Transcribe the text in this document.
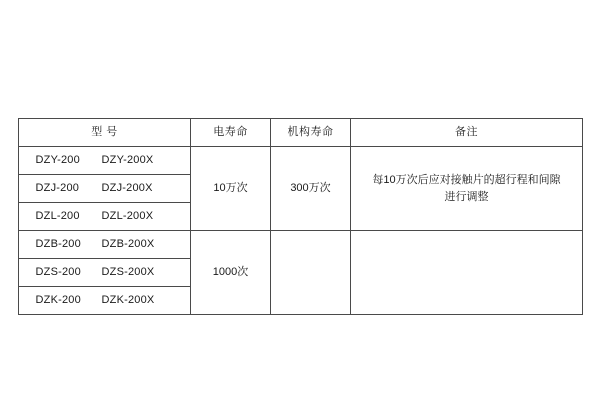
型 号	电寿命	机构寿命	备注
DZY-200 DZY-200X	10万次	300万次	每10万次后应对接触片的超行程和间隙
进行调整

DZJ-200 DZJ-200X			
DZL-200 DZL-200X			
DZB-200 DZB-200X	1000次		
DZS-200 DZS-200X			
DZK-200 DZK-200X			
